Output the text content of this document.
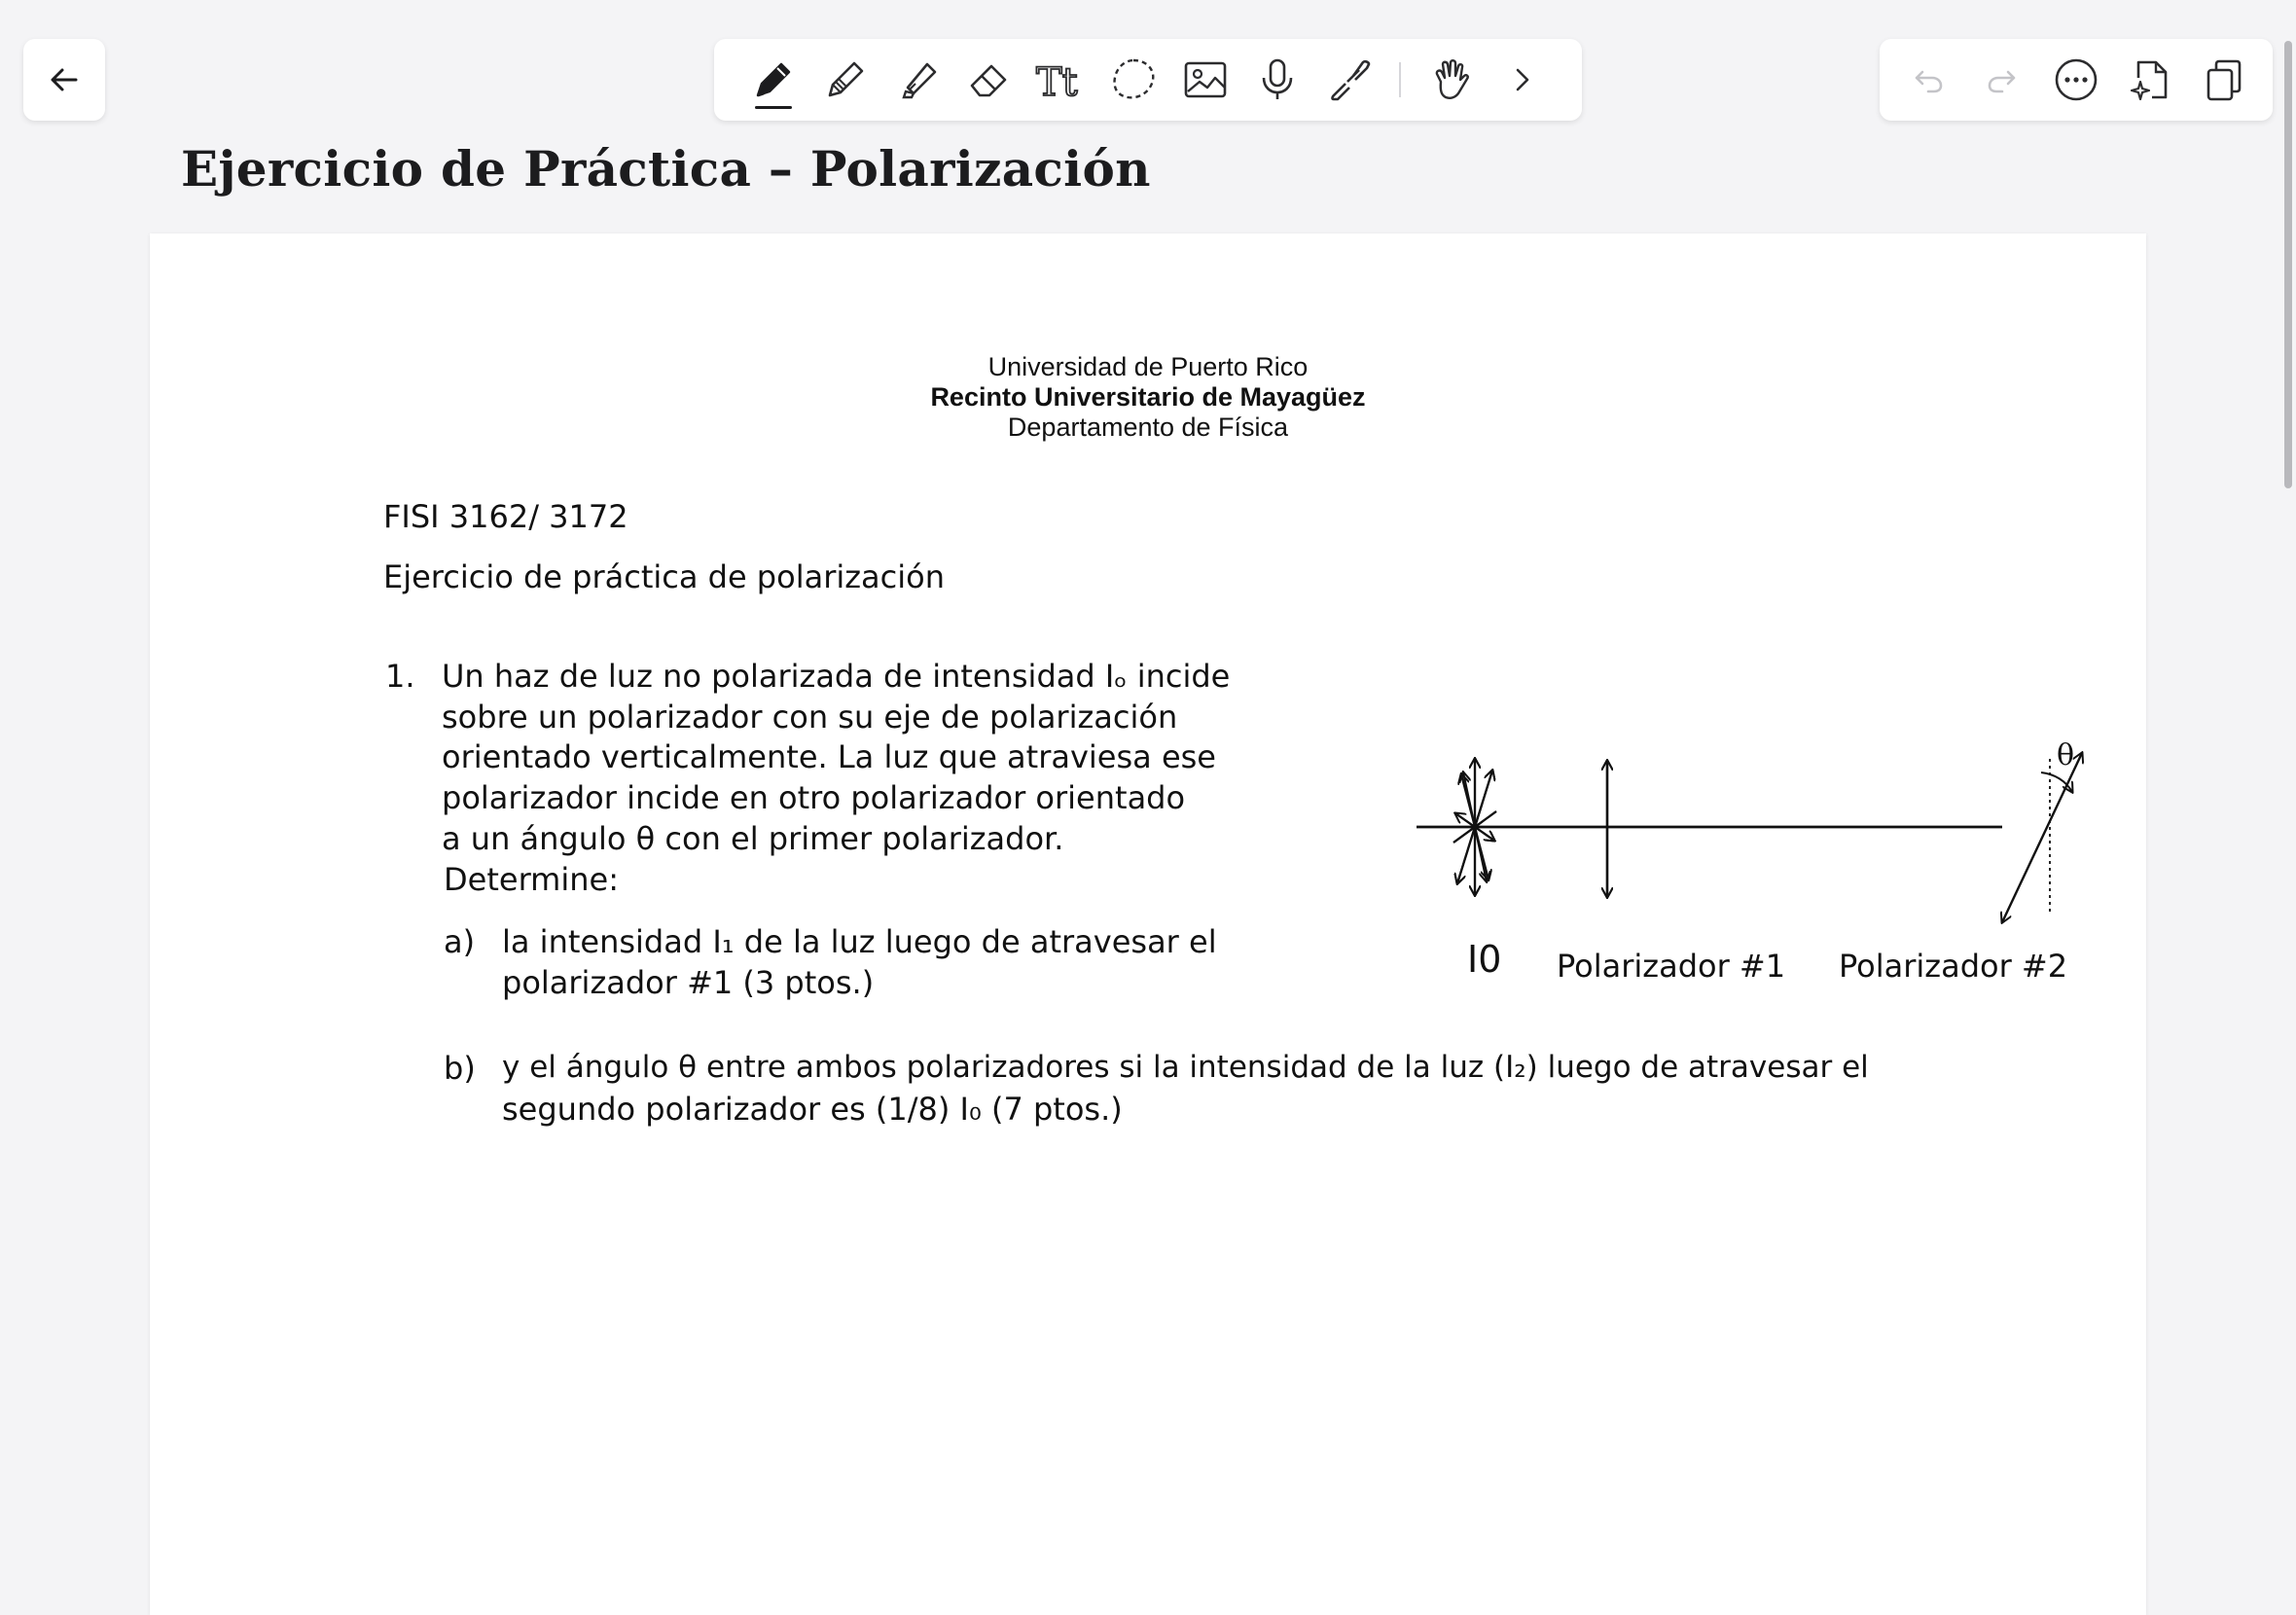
Tt
Ejercicio de Práctica – Polarización
Universidad de Puerto Rico
Recinto Universitario de Mayagüez
Departamento de Física
FISI 3162/ 3172
Ejercicio de práctica de polarización
1. Un haz de luz no polarizada de intensidad Iₒ incide
sobre un polarizador con su eje de polarización
orientado verticalmente. La luz que atraviesa ese
polarizador incide en otro polarizador orientado
a un ángulo θ con el primer polarizador.
Determine:
a) la intensidad I₁ de la luz luego de atravesar el
polarizador #1 (3 ptos.)
b) y el ángulo θ entre ambos polarizadores si la intensidad de la luz (I₂) luego de atravesar el
segundo polarizador es (1/8) I₀ (7 ptos.)
θ
I0 Polarizador #1 Polarizador #2
